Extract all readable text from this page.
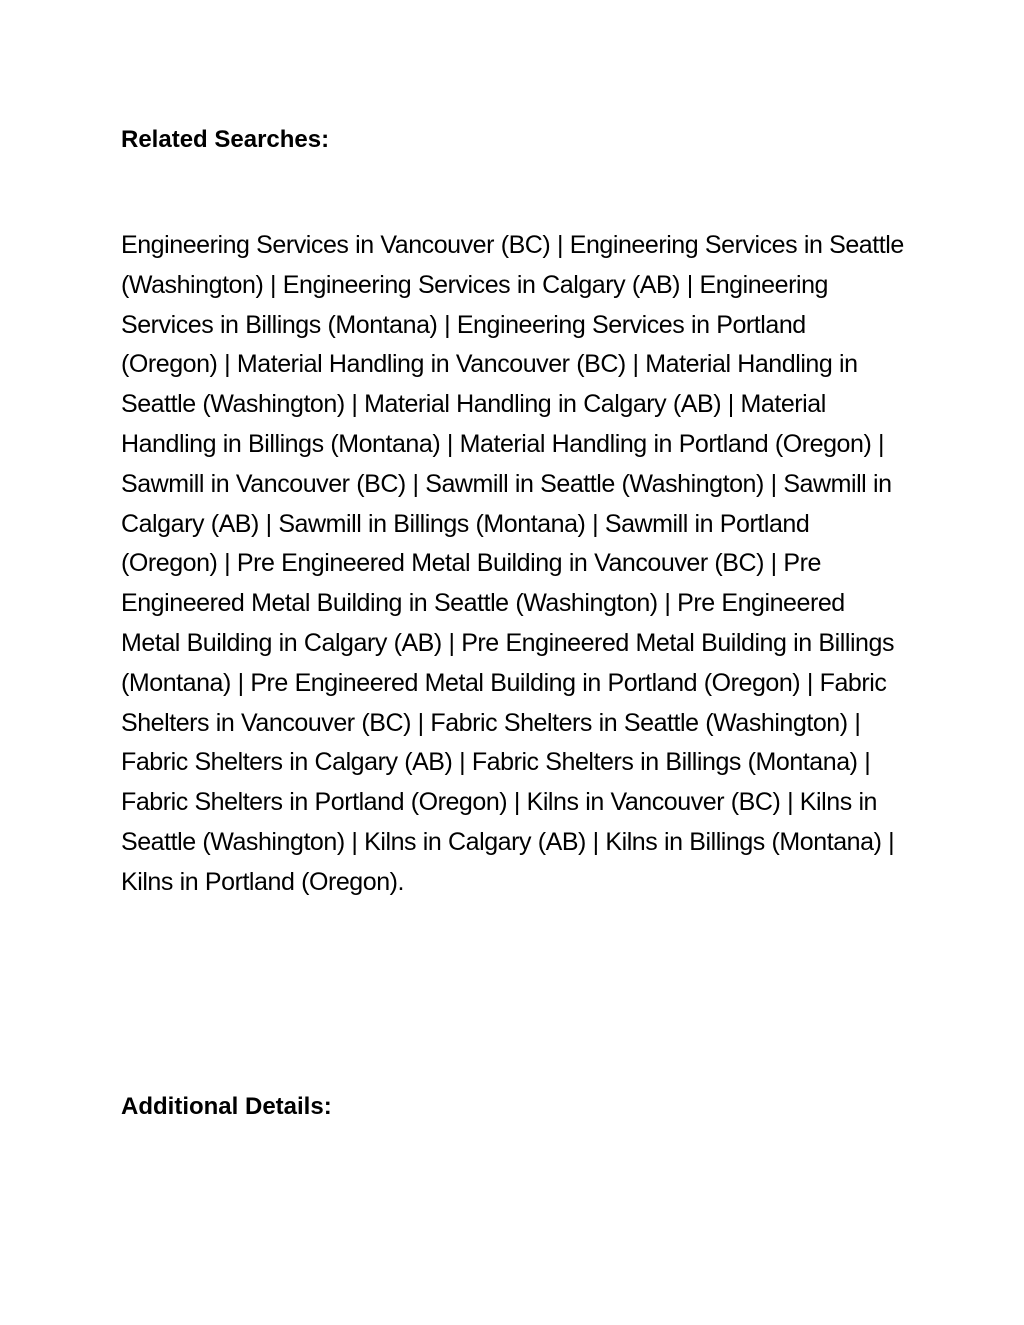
Related Searches:

Engineering Services in Vancouver (BC) | Engineering Services in Seattle (Washington) | Engineering Services in Calgary (AB) | Engineering Services in Billings (Montana) | Engineering Services in Portland (Oregon) | Material Handling in Vancouver (BC) | Material Handling in Seattle (Washington) | Material Handling in Calgary (AB) | Material Handling in Billings (Montana) | Material Handling in Portland (Oregon) | Sawmill in Vancouver (BC) | Sawmill in Seattle (Washington) | Sawmill in Calgary (AB) | Sawmill in Billings (Montana) | Sawmill in Portland (Oregon) | Pre Engineered Metal Building in Vancouver (BC) | Pre Engineered Metal Building in Seattle (Washington) | Pre Engineered Metal Building in Calgary (AB) | Pre Engineered Metal Building in Billings (Montana) | Pre Engineered Metal Building in Portland (Oregon) | Fabric Shelters in Vancouver (BC) | Fabric Shelters in Seattle (Washington) | Fabric Shelters in Calgary (AB) | Fabric Shelters in Billings (Montana) | Fabric Shelters in Portland (Oregon) | Kilns in Vancouver (BC) | Kilns in Seattle (Washington) | Kilns in Calgary (AB) | Kilns in Billings (Montana) | Kilns in Portland (Oregon).

Additional Details:
